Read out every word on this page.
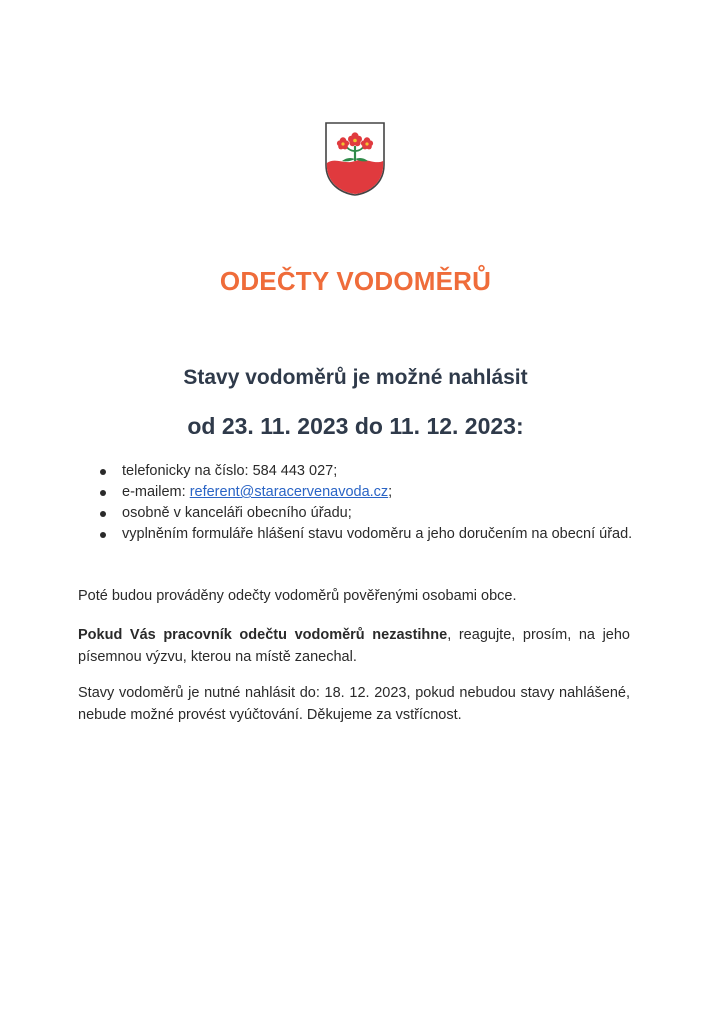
ODEČTY VODOMĚRŮ
Stavy vodoměrů je možné nahlásit
od 23. 11. 2023 do 11. 12. 2023:
telefonicky na číslo: 584 443 027;
e-mailem: referent@staracervenavoda.cz;
osobně v kanceláři obecního úřadu;
vyplněním formuláře hlášení stavu vodoměru a jeho doručením na obecní úřad.

Poté budou prováděny odečty vodoměrů pověřenými osobami obce.

Pokud Vás pracovník odečtu vodoměrů nezastihne, reagujte, prosím, na jeho písemnou výzvu, kterou na místě zanechal.

Stavy vodoměrů je nutné nahlásit do: 18. 12. 2023, pokud nebudou stavy nahlášené, nebude možné provést vyúčtování. Děkujeme za vstřícnost.
